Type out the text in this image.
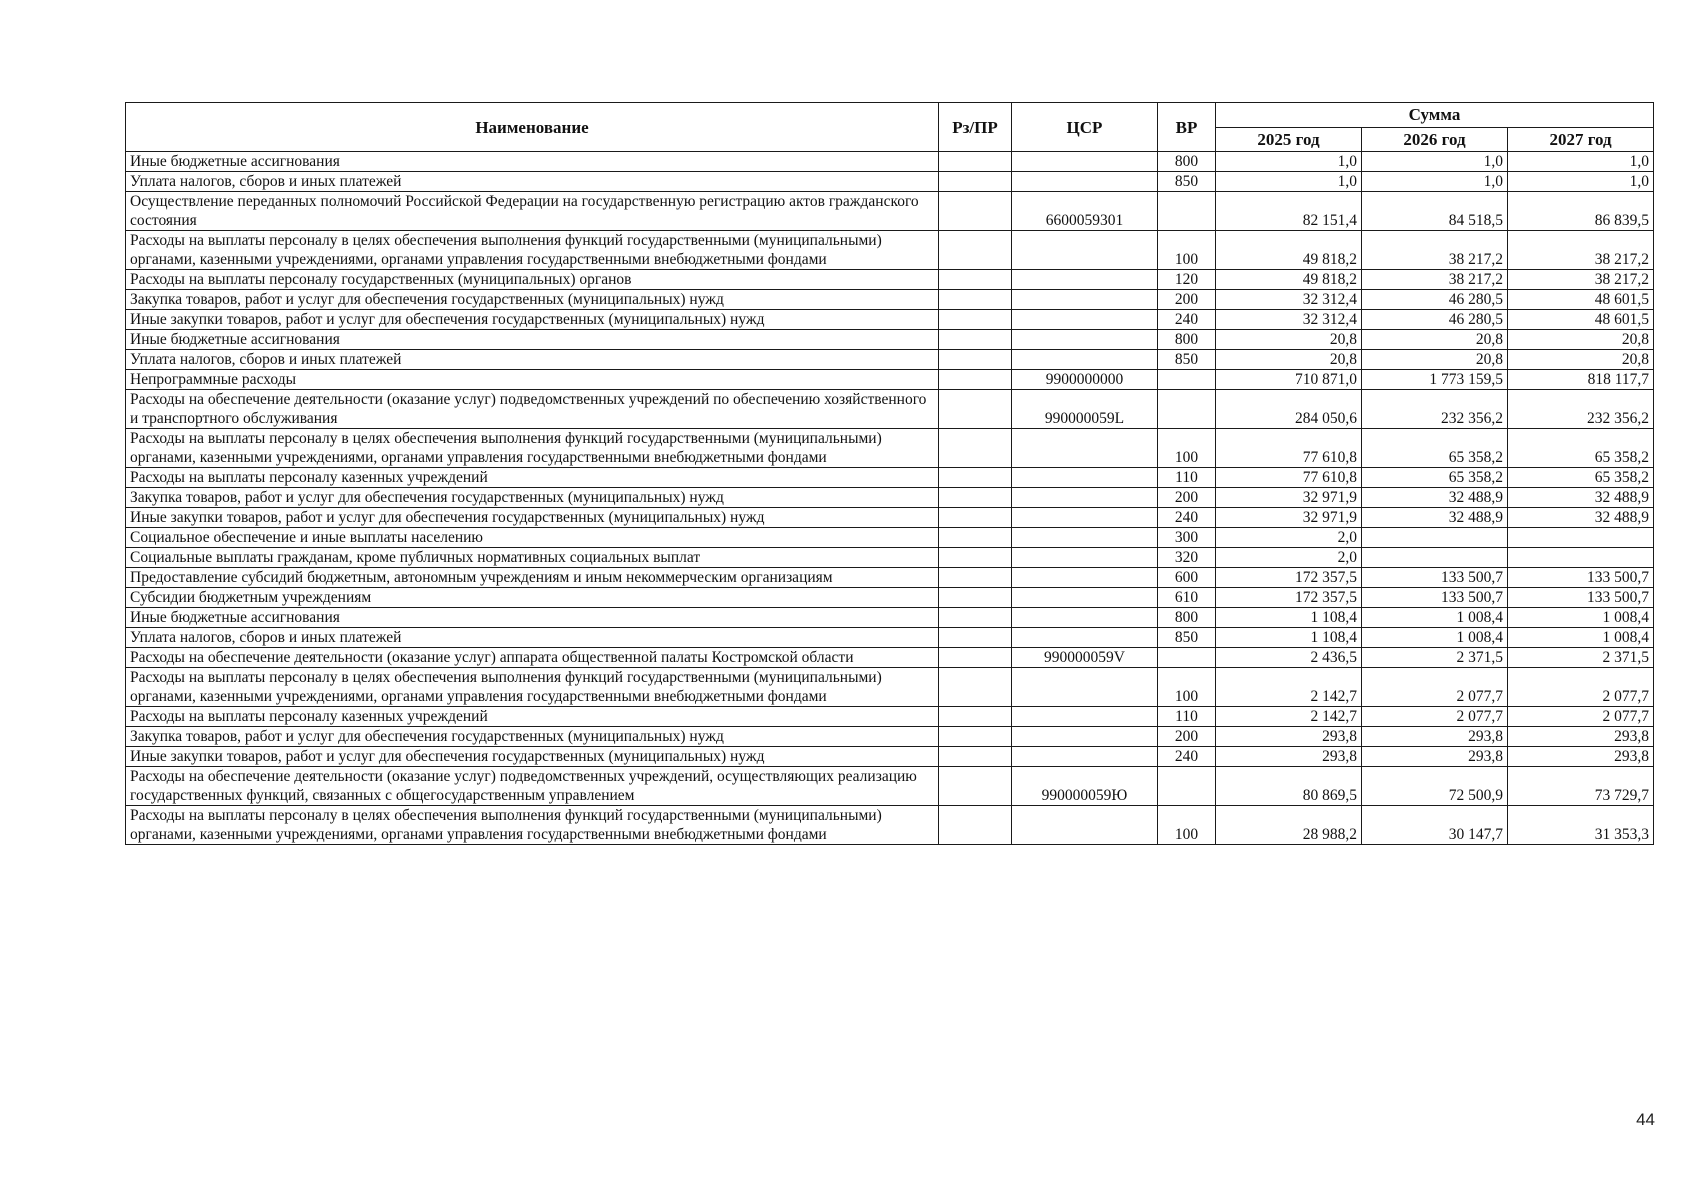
Наименование	Рз/ПР	ЦСР	ВР	Сумма		
				2025 год	2026 год	2027 год
Иные бюджетные ассигнования			800	1,0	1,0	1,0
Уплата налогов, сборов и иных платежей			850	1,0	1,0	1,0
Осуществление переданных полномочий Российской Федерации на государственную регистрацию актов гражданского состояния		6600059301		82 151,4	84 518,5	86 839,5
Расходы на выплаты персоналу в целях обеспечения выполнения функций государственными (муниципальными) органами, казенными учреждениями, органами управления государственными внебюджетными фондами			100	49 818,2	38 217,2	38 217,2
Расходы на выплаты персоналу государственных (муниципальных) органов			120	49 818,2	38 217,2	38 217,2
Закупка товаров, работ и услуг для обеспечения государственных (муниципальных) нужд			200	32 312,4	46 280,5	48 601,5
Иные закупки товаров, работ и услуг для обеспечения государственных (муниципальных) нужд			240	32 312,4	46 280,5	48 601,5
Иные бюджетные ассигнования			800	20,8	20,8	20,8
Уплата налогов, сборов и иных платежей			850	20,8	20,8	20,8
Непрограммные расходы		9900000000		710 871,0	1 773 159,5	818 117,7
Расходы на обеспечение деятельности (оказание услуг) подведомственных учреждений по обеспечению хозяйственного и транспортного обслуживания		990000059L		284 050,6	232 356,2	232 356,2
Расходы на выплаты персоналу в целях обеспечения выполнения функций государственными (муниципальными) органами, казенными учреждениями, органами управления государственными внебюджетными фондами			100	77 610,8	65 358,2	65 358,2
Расходы на выплаты персоналу казенных учреждений			110	77 610,8	65 358,2	65 358,2
Закупка товаров, работ и услуг для обеспечения государственных (муниципальных) нужд			200	32 971,9	32 488,9	32 488,9
Иные закупки товаров, работ и услуг для обеспечения государственных (муниципальных) нужд			240	32 971,9	32 488,9	32 488,9
Социальное обеспечение и иные выплаты населению			300	2,0		
Социальные выплаты гражданам, кроме публичных нормативных социальных выплат			320	2,0		
Предоставление субсидий бюджетным, автономным учреждениям и иным некоммерческим организациям			600	172 357,5	133 500,7	133 500,7
Субсидии бюджетным учреждениям			610	172 357,5	133 500,7	133 500,7
Иные бюджетные ассигнования			800	1 108,4	1 008,4	1 008,4
Уплата налогов, сборов и иных платежей			850	1 108,4	1 008,4	1 008,4
Расходы на обеспечение деятельности (оказание услуг) аппарата общественной палаты Костромской области		990000059V		2 436,5	2 371,5	2 371,5
Расходы на выплаты персоналу в целях обеспечения выполнения функций государственными (муниципальными) органами, казенными учреждениями, органами управления государственными внебюджетными фондами			100	2 142,7	2 077,7	2 077,7
Расходы на выплаты персоналу казенных учреждений			110	2 142,7	2 077,7	2 077,7
Закупка товаров, работ и услуг для обеспечения государственных (муниципальных) нужд			200	293,8	293,8	293,8
Иные закупки товаров, работ и услуг для обеспечения государственных (муниципальных) нужд			240	293,8	293,8	293,8
Расходы на обеспечение деятельности (оказание услуг) подведомственных учреждений, осуществляющих реализацию государственных функций, связанных с общегосударственным управлением		990000059Ю		80 869,5	72 500,9	73 729,7
Расходы на выплаты персоналу в целях обеспечения выполнения функций государственными (муниципальными) органами, казенными учреждениями, органами управления государственными внебюджетными фондами			100	28 988,2	30 147,7	31 353,3
44
